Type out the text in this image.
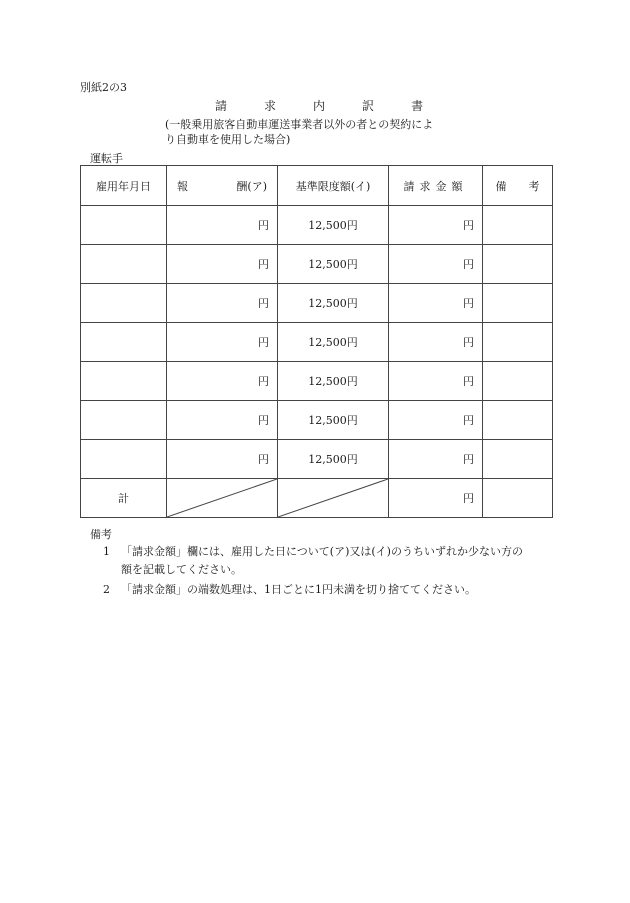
別紙2の3
請	求	内	訳	書
(一般乗用旅客自動車運送事業者以外の者との契約によ
り自動車を使用した場合)
運転手
雇用年月日	報 酬(ア)	基準限度額(イ)	請求金額	備　　考
	円	12,500円	円	
	円	12,500円	円	
	円	12,500円	円	
	円	12,500円	円	
	円	12,500円	円	
	円	12,500円	円	
	円	12,500円	円	
計			円	
備考
1 「請求金額」欄には、雇用した日について(ア)又は(イ)のうちいずれか少ない方の
額を記載してください。
2 「請求金額」の端数処理は、1日ごとに1円未満を切り捨ててください。
